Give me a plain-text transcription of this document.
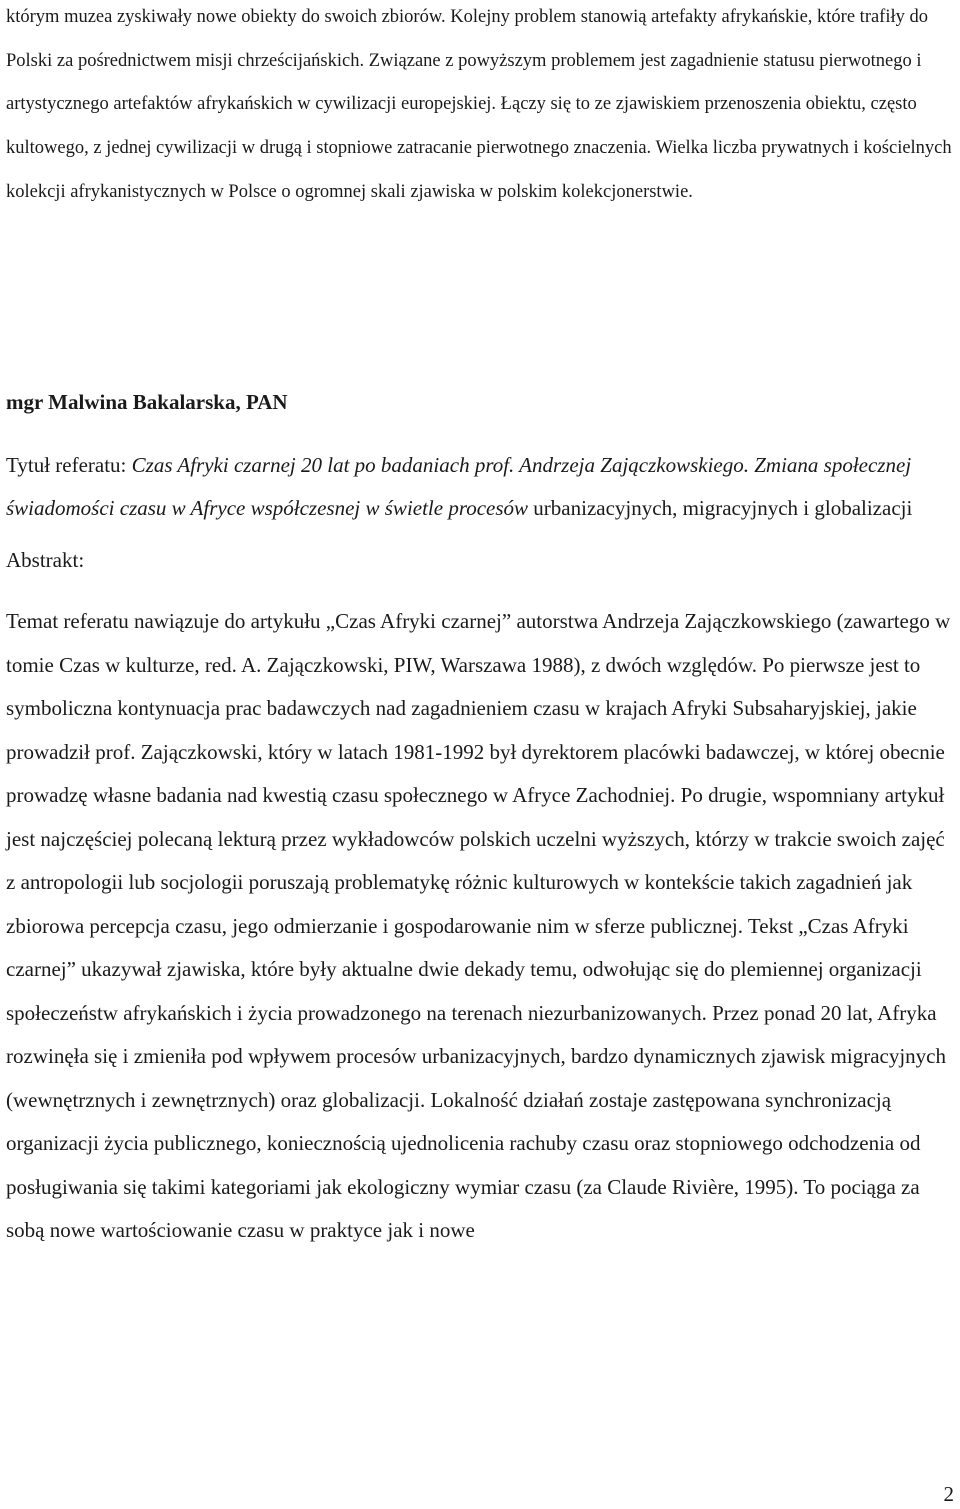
którym muzea zyskiwały nowe obiekty do swoich zbiorów. Kolejny problem stanowią artefakty afrykańskie, które trafiły do Polski za pośrednictwem misji chrześcijańskich. Związane z powyższym problemem jest zagadnienie statusu pierwotnego i artystycznego artefaktów afrykańskich w cywilizacji europejskiej. Łączy się to ze zjawiskiem przenoszenia obiektu, często kultowego, z jednej cywilizacji w drugą i stopniowe zatracanie pierwotnego znaczenia. Wielka liczba prywatnych i kościelnych kolekcji afrykanistycznych w Polsce o ogromnej skali zjawiska w polskim kolekcjonerstwie.

mgr Malwina Bakalarska, PAN

Tytuł referatu: Czas Afryki czarnej 20 lat po badaniach prof. Andrzeja Zajączkowskiego. Zmiana społecznej świadomości czasu w Afryce współczesnej w świetle procesów urbanizacyjnych, migracyjnych i globalizacji

Abstrakt:

Temat referatu nawiązuje do artykułu „Czas Afryki czarnej” autorstwa Andrzeja Zajączkowskiego (zawartego w tomie Czas w kulturze, red. A. Zajączkowski, PIW, Warszawa 1988), z dwóch względów. Po pierwsze jest to symboliczna kontynuacja prac badawczych nad zagadnieniem czasu w krajach Afryki Subsaharyjskiej, jakie prowadził prof. Zajączkowski, który w latach 1981-1992 był dyrektorem placówki badawczej, w której obecnie prowadzę własne badania nad kwestią czasu społecznego w Afryce Zachodniej. Po drugie, wspomniany artykuł jest najczęściej polecaną lekturą przez wykładowców polskich uczelni wyższych, którzy w trakcie swoich zajęć z antropologii lub socjologii poruszają problematykę różnic kulturowych w kontekście takich zagadnień jak zbiorowa percepcja czasu, jego odmierzanie i gospodarowanie nim w sferze publicznej. Tekst „Czas Afryki czarnej” ukazywał zjawiska, które były aktualne dwie dekady temu, odwołując się do plemiennej organizacji społeczeństw afrykańskich i życia prowadzonego na terenach niezurbanizowanych. Przez ponad 20 lat, Afryka rozwinęła się i zmieniła pod wpływem procesów urbanizacyjnych, bardzo dynamicznych zjawisk migracyjnych (wewnętrznych i zewnętrznych) oraz globalizacji. Lokalność działań zostaje zastępowana synchronizacją organizacji życia publicznego, koniecznością ujednolicenia rachuby czasu oraz stopniowego odchodzenia od posługiwania się takimi kategoriami jak ekologiczny wymiar czasu (za Claude Rivière, 1995). To pociąga za sobą nowe wartościowanie czasu w praktyce jak i nowe

2
